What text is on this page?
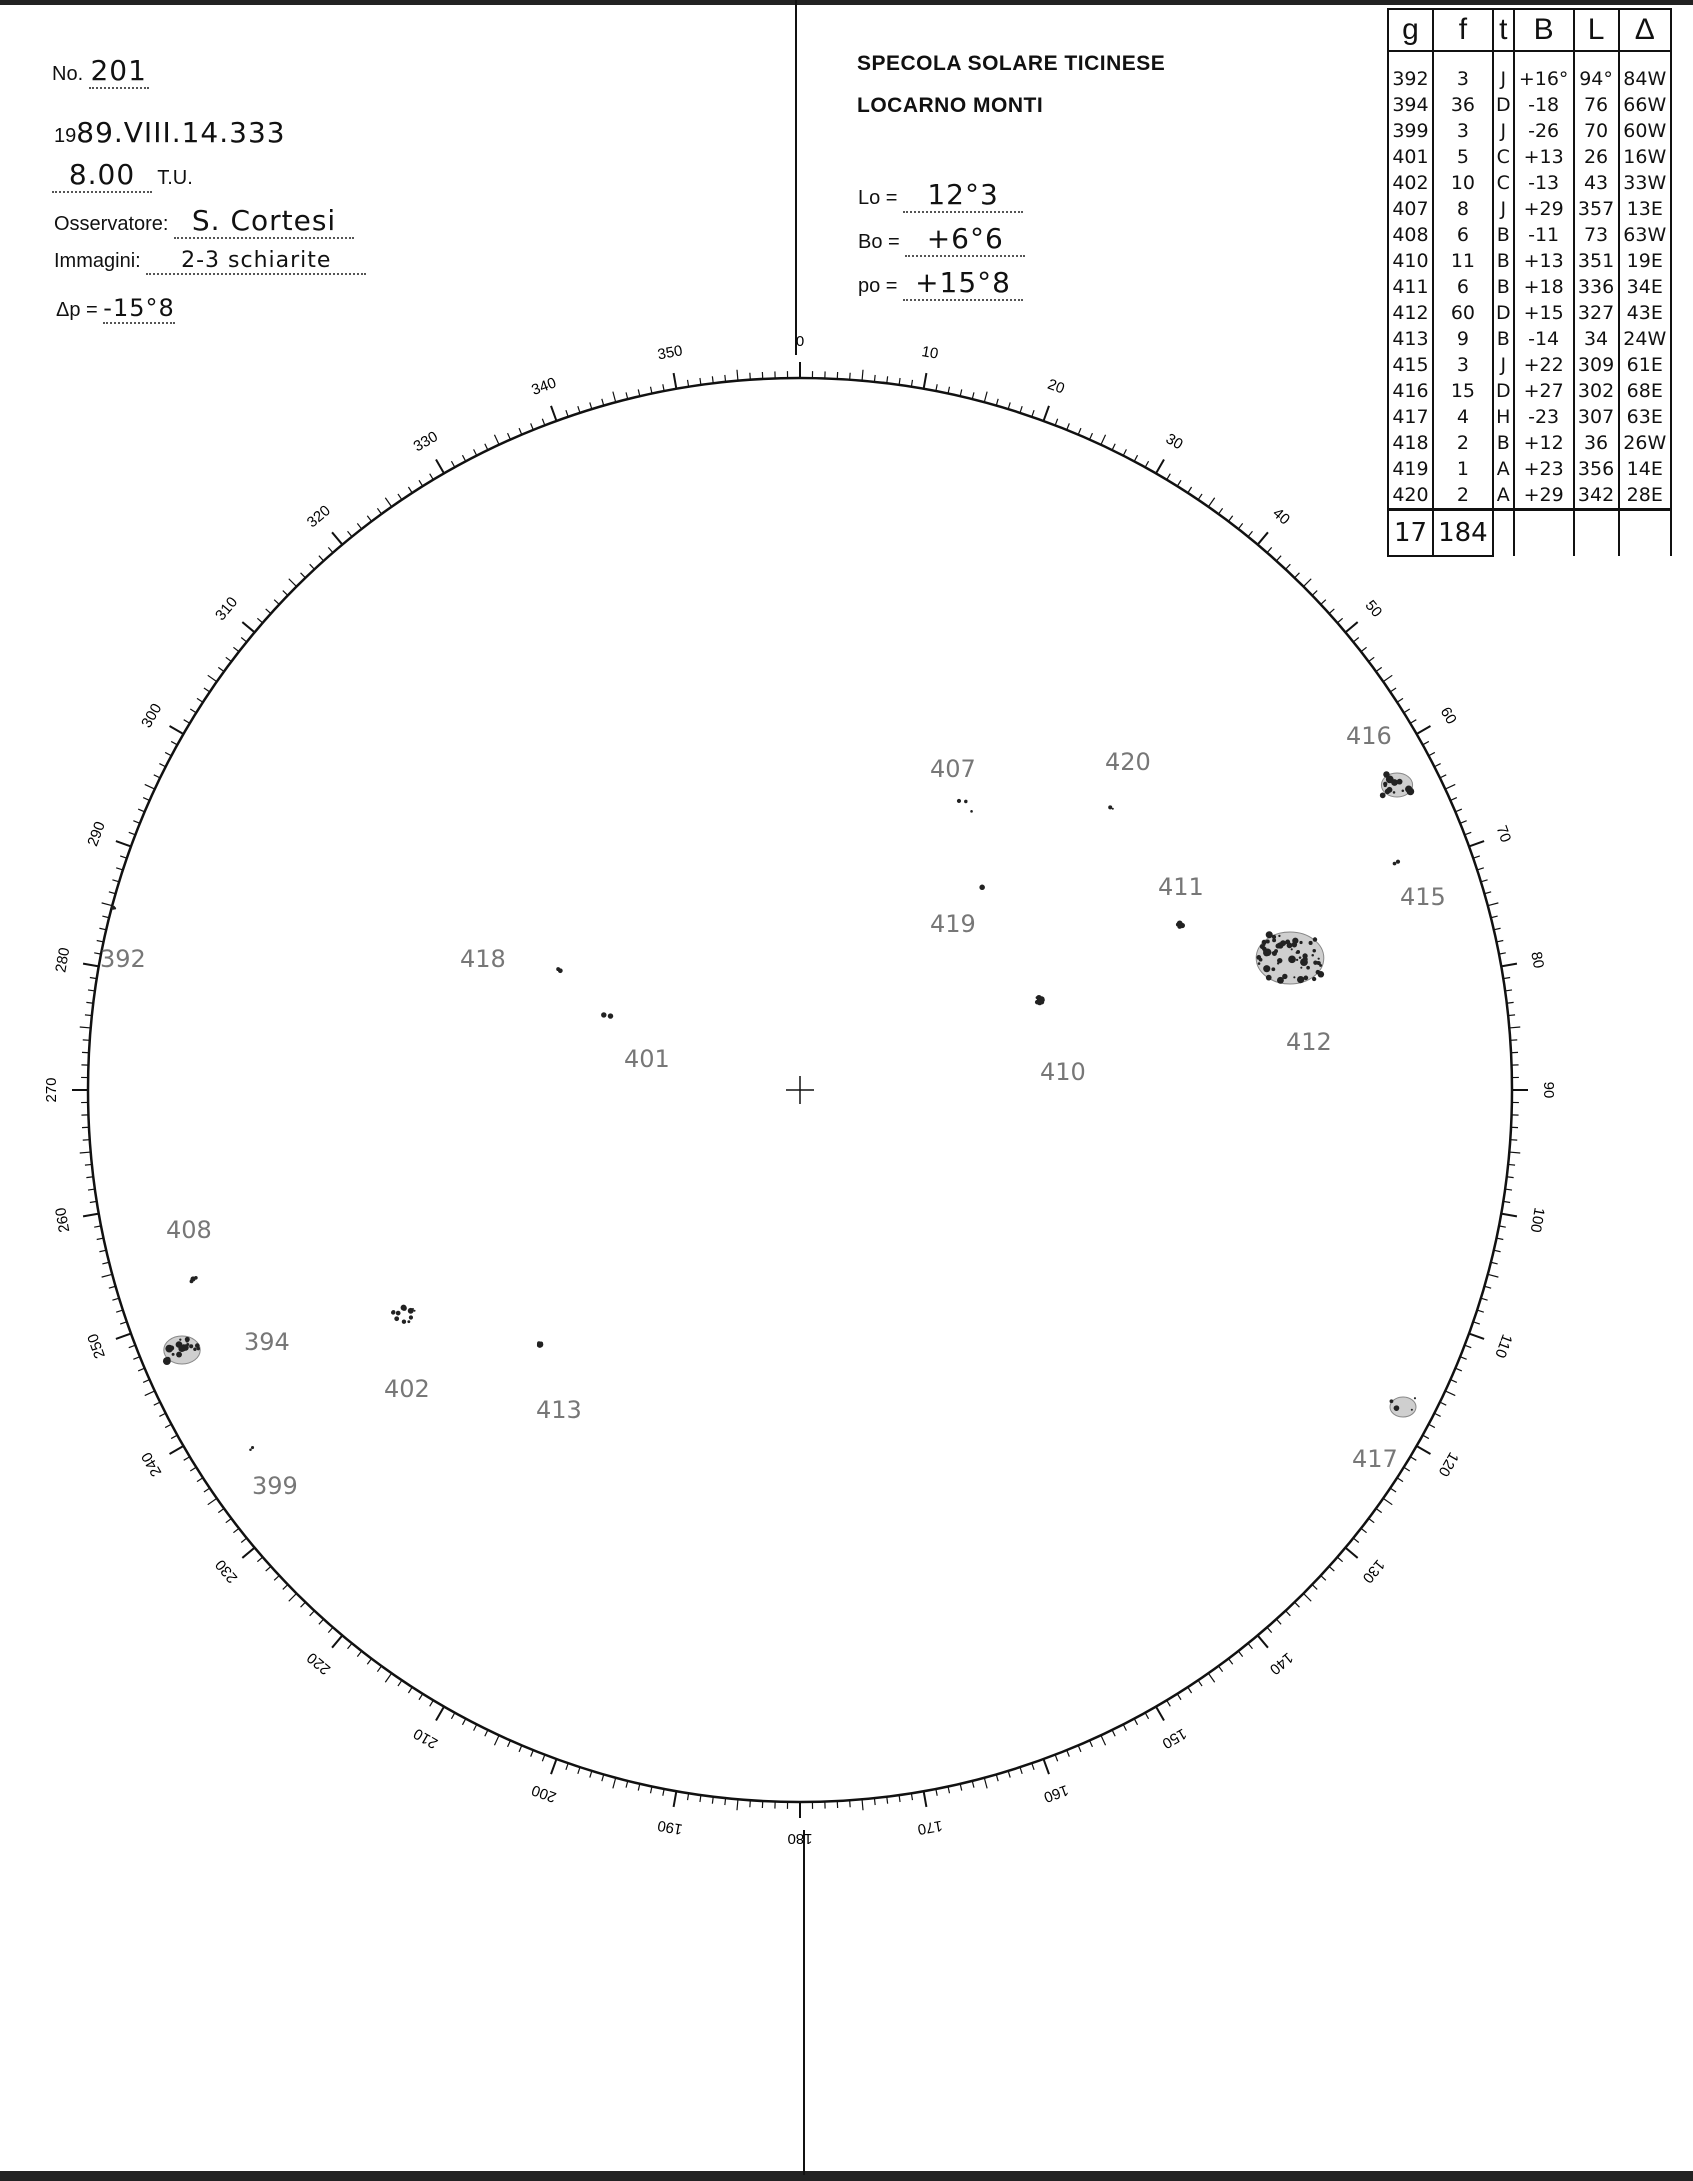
No. 201
1989.VIII.14.333
8.00 T.U.
Osservatore: S. Cortesi
Immagini: 2-3 schiarite
Δp = -15°8
SPECOLA SOLARE TICINESE
LOCARNO MONTI
Lo = 12°3
Bo = +6°6
po = +15°8
g	f	t	B	L	Δ
392	3	J	+16°	94°	84W
394	36	D	-18	76	66W
399	3	J	-26	70	60W
401	5	C	+13	26	16W
402	10	C	-13	43	33W
407	8	J	+29	357	13E
408	6	B	-11	73	63W
410	11	B	+13	351	19E
411	6	B	+18	336	34E
412	60	D	+15	327	43E
413	9	B	-14	34	24W
415	3	J	+22	309	61E
416	15	D	+27	302	68E
417	4	H	-23	307	63E
418	2	B	+12	36	26W
419	1	A	+23	356	14E
420	2	A	+29	342	28E
17	184				
0
10
20
30
40
50
60
70
80
90
100
110
120
130
140
150
160
170
180
190
200
210
220
230
240
250
260
270
280
290
300
310
320
330
340
350
392
394
399
401
402
407
408
410
411
412
413
415
416
417
418
419
420
